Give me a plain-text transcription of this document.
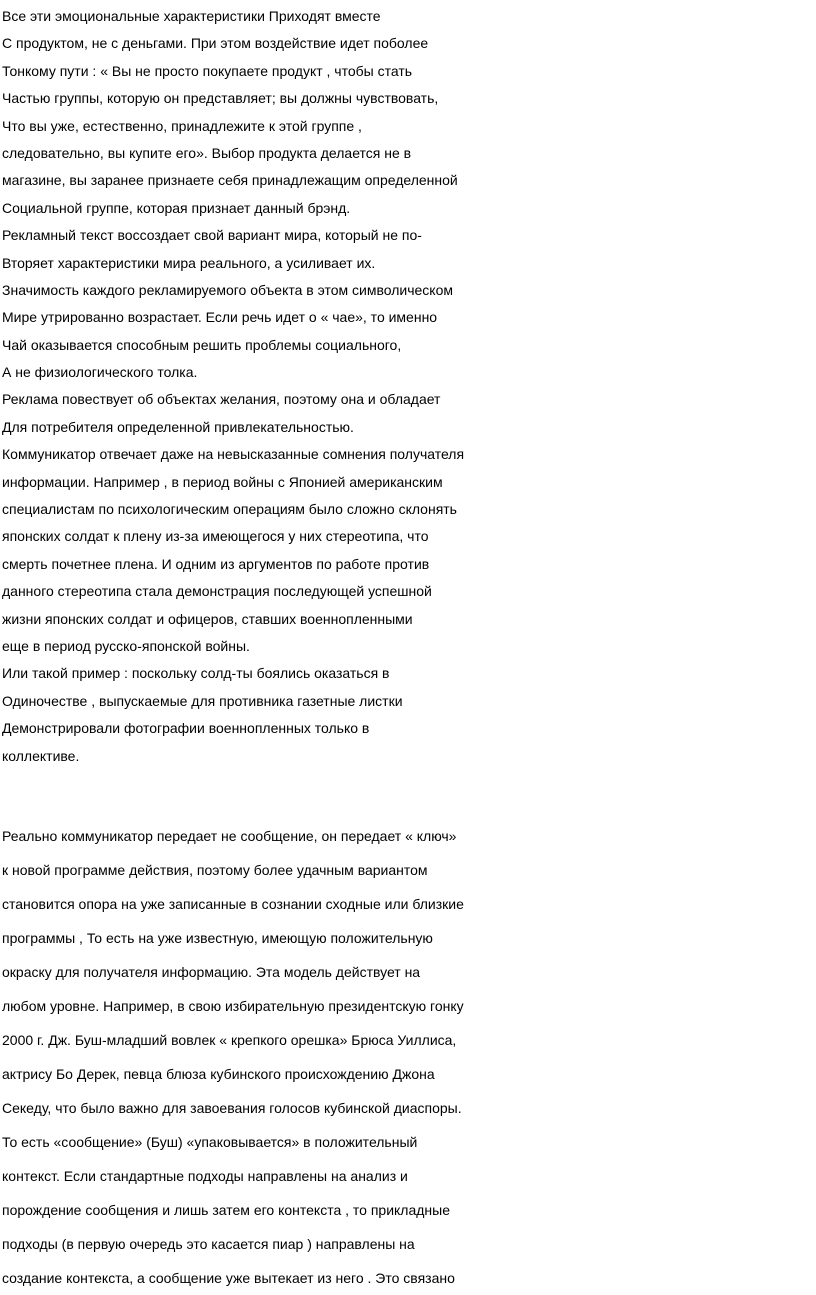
Все эти эмоциональные характеристики Приходят вместе
С продуктом, не с деньгами. При этом воздействие идет поболее
Тонкому пути : « Вы не просто покупаете продукт , чтобы стать
Частью группы, которую он представляет; вы должны чувствовать,
Что вы уже, естественно, принадлежите к этой группе ,
следовательно, вы купите его». Выбор продукта делается не в
магазине, вы заранее признаете себя принадлежащим определенной
Социальной группе, которая признает данный брэнд.
Рекламный текст воссоздает свой вариант мира, который не по-
Вторяет характеристики мира реального, а усиливает их.
Значимость каждого рекламируемого объекта в этом символическом
Мире утрированно возрастает. Если речь идет о « чае», то именно
Чай оказывается способным решить проблемы социального,
А не физиологического толка.
Реклама повествует об объектах желания, поэтому она и обладает
Для потребителя определенной привлекательностью.
Коммуникатор отвечает даже на невысказанные сомнения получателя
информации. Например , в период войны с Японией американским
специалистам по психологическим операциям было сложно склонять
японских солдат к плену из-за имеющегося у них стереотипа, что
смерть почетнее плена. И одним из аргументов по работе против
данного стереотипа стала демонстрация последующей успешной
жизни японских солдат и офицеров, ставших военнопленными
еще в период русско-японской войны.
Или такой пример : поскольку солд-ты боялись оказаться в
Одиночестве , выпускаемые для противника газетные листки
Демонстрировали фотографии военнопленных только в
коллективе.
Реально коммуникатор передает не сообщение, он передает « ключ»
к новой программе действия, поэтому более удачным вариантом
становится опора на уже записанные в сознании сходные или близкие
программы , То есть на уже известную, имеющую положительную
окраску для получателя информацию. Эта модель действует на
любом уровне. Например, в свою избирательную президентскую гонку
2000 г. Дж. Буш-младший вовлек « крепкого орешка» Брюса Уиллиса,
актрису Бо Дерек, певца блюза кубинского происхождению Джона
Секеду, что было важно для завоевания голосов кубинской диаспоры.
То есть «сообщение» (Буш) «упаковывается» в положительный
контекст. Если стандартные подходы направлены на анализ и
порождение сообщения и лишь затем его контекста , то прикладные
подходы (в первую очередь это касается пиар ) направлены на
создание контекста, а сообщение уже вытекает из него . Это связано
